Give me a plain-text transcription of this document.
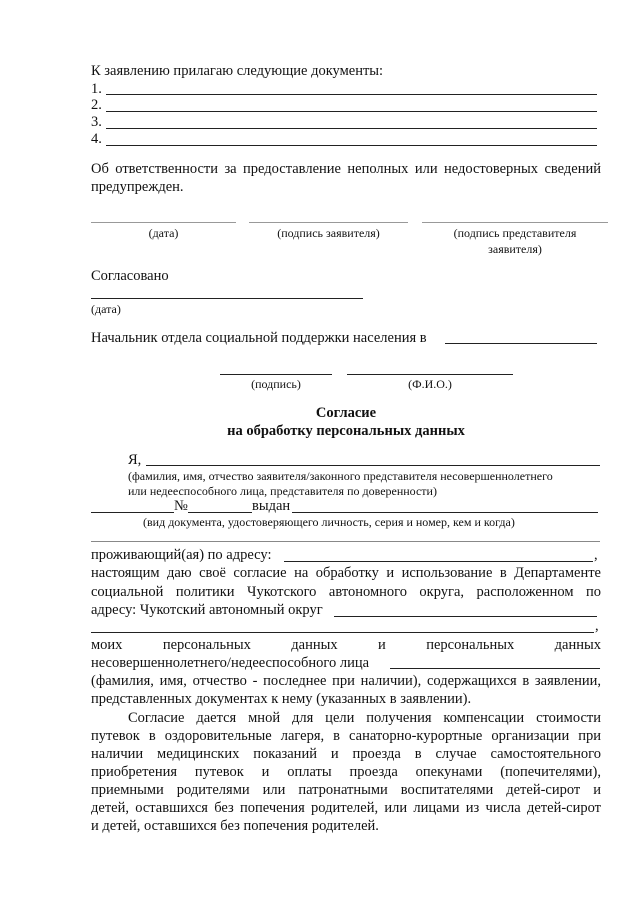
К заявлению прилагаю следующие документы:
1.
2.
3.
4.
Об ответственности за предоставление неполных или недостоверных сведений
предупрежден.
(дата)	(подпись заявителя)	(подпись представителя
заявителя)
Согласовано
(дата)
Начальник отдела социальной поддержки населения в
(подпись)	(Ф.И.О.)
Согласие
на обработку персональных данных
Я,
(фамилия, имя, отчество заявителя/законного представителя несовершеннолетнего
или недееспособного лица, представителя по доверенности)
№	выдан
(вид документа, удостоверяющего личность, серия и номер, кем и когда)
проживающий(ая) по адресу:	,
настоящим даю своё согласие на обработку и использование в Департаменте
социальной политики Чукотского автономного округа, расположенном по
адресу: Чукотский автономный округ
,
моих персональных данных и персональных данных
несовершеннолетнего/недееспособного лица
(фамилия, имя, отчество - последнее при наличии), содержащихся в заявлении,
представленных документах к нему (указанных в заявлении).
Согласие дается мной для цели получения компенсации стоимости
путевок в оздоровительные лагеря, в санаторно-курортные организации при
наличии медицинских показаний и проезда в случае самостоятельного
приобретения путевок и оплаты проезда опекунами (попечителями),
приемными родителями или патронатными воспитателями детей-сирот и
детей, оставшихся без попечения родителей, или лицами из числа детей-сирот
и детей, оставшихся без попечения родителей.
